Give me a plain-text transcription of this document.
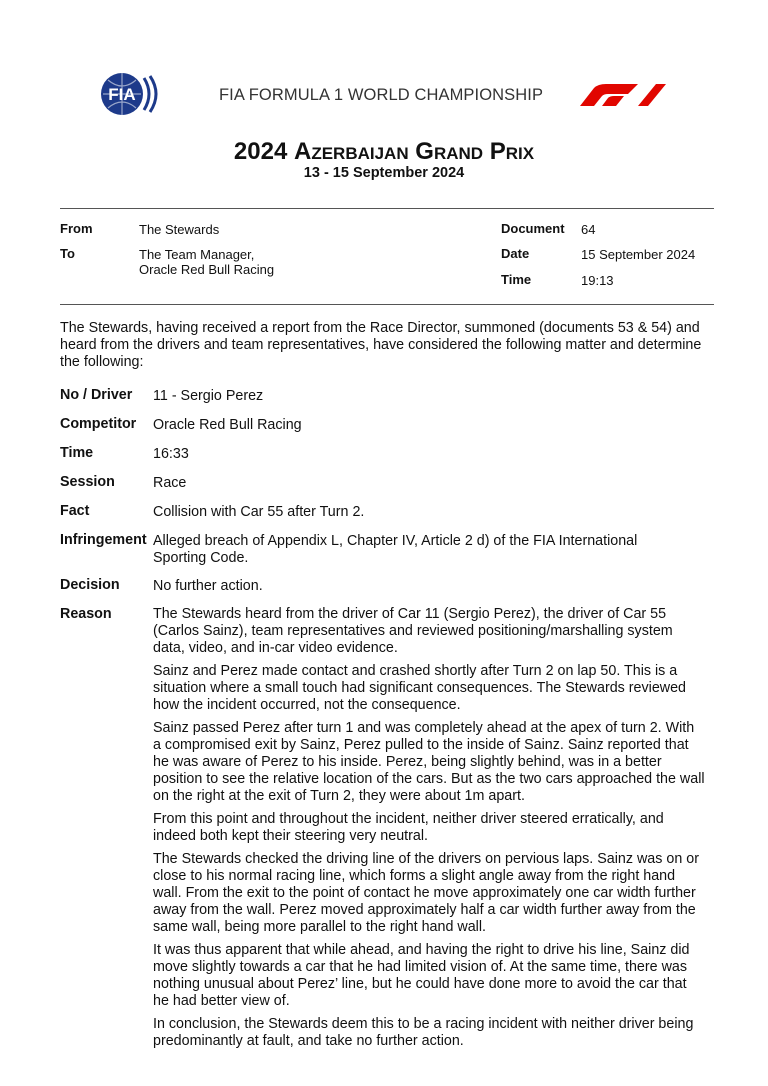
FIA	FIA FORMULA 1 WORLD CHAMPIONSHIP
2024 Azerbaijan Grand Prix
13 - 15 September 2024
From	The Stewards
To	The Team Manager,
Oracle Red Bull Racing
Document 64
Date	15 September 2024
Time	19:13
The Stewards, having received a report from the Race Director, summoned (documents 53 & 54) and heard from the drivers and team representatives, have considered the following matter and determine the following:
No / Driver 11 - Sergio Perez
Competitor Oracle Red Bull Racing
Time	16:33
Session	Race
Fact	Collision with Car 55 after Turn 2.
Infringement Alleged breach of Appendix L, Chapter IV, Article 2 d) of the FIA International Sporting Code.
Decision No further action.
Reason	The Stewards heard from the driver of Car 11 (Sergio Perez), the driver of Car 55 (Carlos Sainz), team representatives and reviewed positioning/marshalling system data, video, and in-car video evidence.

Sainz and Perez made contact and crashed shortly after Turn 2 on lap 50. This is a situation where a small touch had significant consequences. The Stewards reviewed how the incident occurred, not the consequence.

Sainz passed Perez after turn 1 and was completely ahead at the apex of turn 2. With a compromised exit by Sainz, Perez pulled to the inside of Sainz. Sainz reported that he was aware of Perez to his inside. Perez, being slightly behind, was in a better position to see the relative location of the cars. But as the two cars approached the wall on the right at the exit of Turn 2, they were about 1m apart.

From this point and throughout the incident, neither driver steered erratically, and indeed both kept their steering very neutral.

The Stewards checked the driving line of the drivers on pervious laps. Sainz was on or close to his normal racing line, which forms a slight angle away from the right hand wall. From the exit to the point of contact he move approximately one car width further away from the wall. Perez moved approximately half a car width further away from the same wall, being more parallel to the right hand wall.

It was thus apparent that while ahead, and having the right to drive his line, Sainz did move slightly towards a car that he had limited vision of. At the same time, there was nothing unusual about Perez’ line, but he could have done more to avoid the car that he had better view of.

In conclusion, the Stewards deem this to be a racing incident with neither driver being predominantly at fault, and take no further action.
